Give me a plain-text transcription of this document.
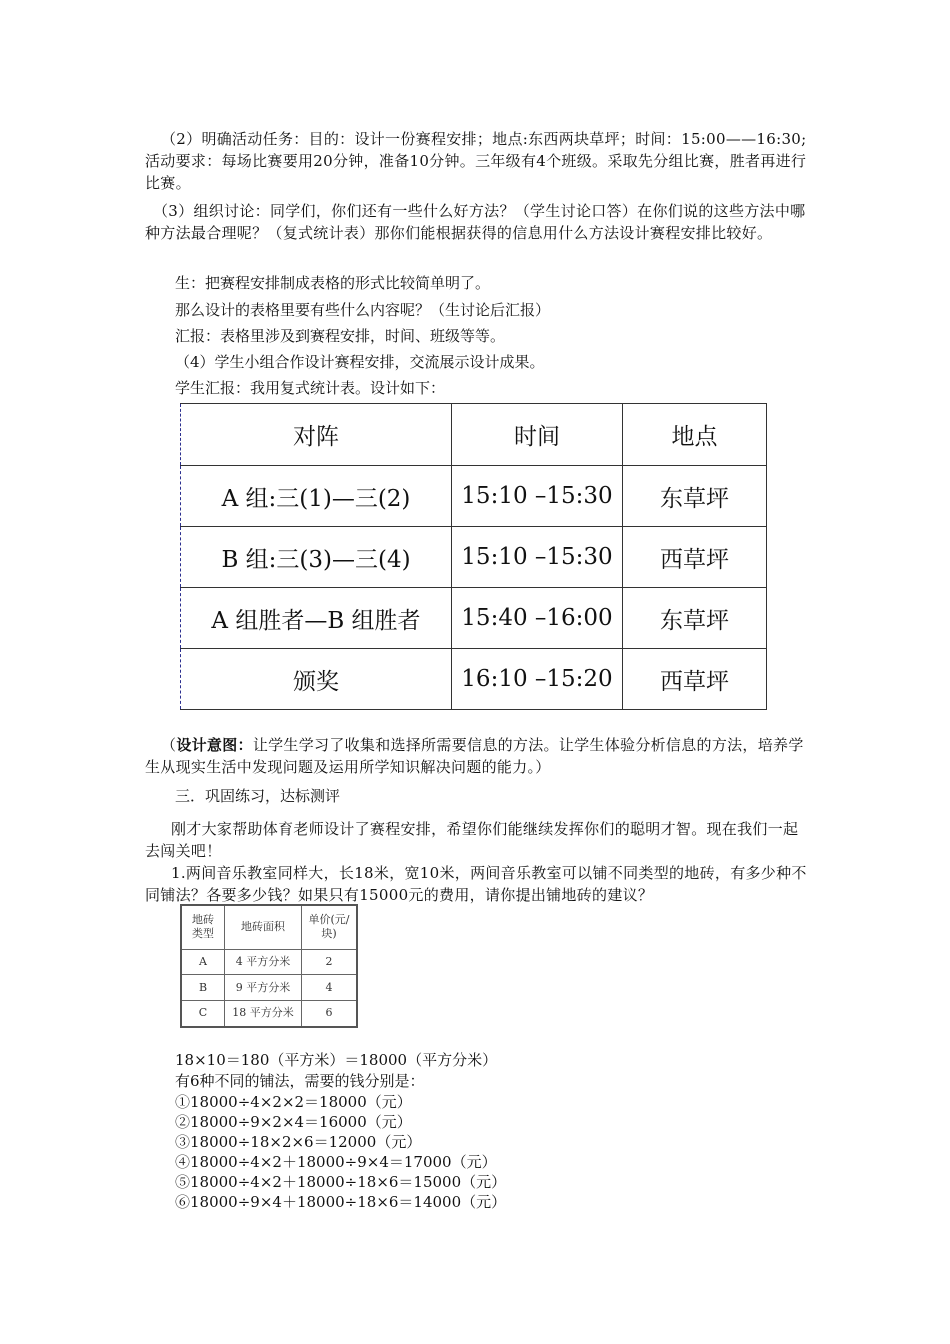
（2）明确活动任务：目的：设计一份赛程安排；地点:东西两块草坪；时间：15:00——16:30;活动要求：每场比赛要用20分钟，准备10分钟。三年级有4个班级。采取先分组比赛，胜者再进行比赛。

（3）组织讨论：同学们，你们还有一些什么好方法？（学生讨论口答）在你们说的这些方法中哪种方法最合理呢？（复式统计表）那你们能根据获得的信息用什么方法设计赛程安排比较好。

生：把赛程安排制成表格的形式比较简单明了。

那么设计的表格里要有些什么内容呢？（生讨论后汇报）

汇报：表格里涉及到赛程安排，时间、班级等等。

（4）学生小组合作设计赛程安排，交流展示设计成果。

学生汇报：我用复式统计表。设计如下：

对阵	时间	地点
A 组:三(1)—三(2)	15:10 –15:30	东草坪
B 组:三(3)—三(4)	15:10 –15:30	西草坪
A 组胜者—B 组胜者	15:40 –16:00	东草坪
颁奖	16:10 –15:20	西草坪

（设计意图：让学生学习了收集和选择所需要信息的方法。让学生体验分析信息的方法，培养学生从现实生活中发现问题及运用所学知识解决问题的能力。）

三．巩固练习，达标测评

刚才大家帮助体育老师设计了赛程安排，希望你们能继续发挥你们的聪明才智。现在我们一起去闯关吧！

1.两间音乐教室同样大，长18米，宽10米，两间音乐教室可以铺不同类型的地砖，有多少种不同铺法？各要多少钱？如果只有15000元的费用，请你提出铺地砖的建议？

地砖类型	地砖面积	单价(元/块)
A	4 平方分米	2
B	9 平方分米	4
C	18 平方分米	6

18×10＝180（平方米）＝18000（平方分米）

有6种不同的铺法，需要的钱分别是：

①18000÷4×2×2＝18000（元）

②18000÷9×2×4＝16000（元）

③18000÷18×2×6＝12000（元）

④18000÷4×2＋18000÷9×4＝17000（元）

⑤18000÷4×2＋18000÷18×6＝15000（元）

⑥18000÷9×4＋18000÷18×6＝14000（元）
